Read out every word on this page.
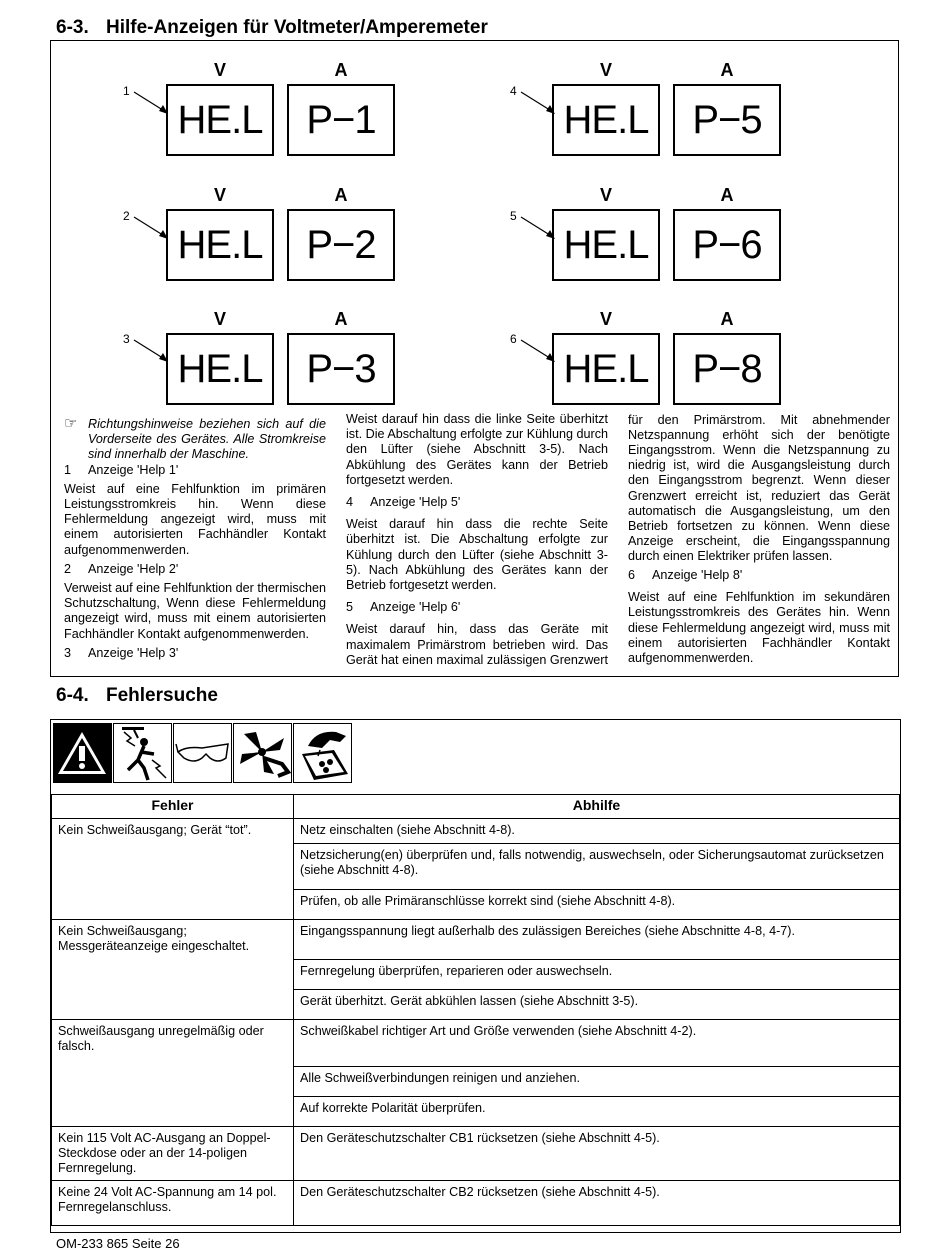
6-3. Hilfe-Anzeigen für Voltmeter/Amperemeter
1
V	A
HE.L	P−1
2
V	A
HE.L	P−2
3
V	A
HE.L	P−3
4
V	A
HE.L	P−5
5
V	A
HE.L	P−6
6
V	A
HE.L	P−8

☞ Richtungshinweise beziehen sich auf die Vorderseite des Gerätes. Alle Stromkreise sind innerhalb der Maschine.

1 Anzeige 'Help 1'

Weist auf eine Fehlfunktion im primären Leistungsstromkreis hin. Wenn diese Fehlermeldung angezeigt wird, muss mit einem autorisierten Fachhändler Kontakt aufgenommenwerden.

2 Anzeige 'Help 2'

Verweist auf eine Fehlfunktion der thermischen Schutzschaltung, Wenn diese Fehlermeldung angezeigt wird, muss mit einem autorisierten Fachhändler Kontakt aufgenommenwerden.

3 Anzeige 'Help 3'

Weist darauf hin dass die linke Seite überhitzt ist. Die Abschaltung erfolgte zur Kühlung durch den Lüfter (siehe Abschnitt 3-5). Nach Abkühlung des Gerätes kann der Betrieb fortgesetzt werden.

4 Anzeige 'Help 5'

Weist darauf hin dass die rechte Seite überhitzt ist. Die Abschaltung erfolgte zur Kühlung durch den Lüfter (siehe Abschnitt 3-5). Nach Abkühlung des Gerätes kann der Betrieb fortgesetzt werden.

5 Anzeige 'Help 6'

Weist darauf hin, dass das Geräte mit maximalem Primärstrom betrieben wird. Das Gerät hat einen maximal zulässigen Grenzwert

für den Primärstrom. Mit abnehmender Netzspannung erhöht sich der benötigte Eingangsstrom. Wenn die Netzspannung zu niedrig ist, wird die Ausgangsleistung durch den Eingangsstrom begrenzt. Wenn dieser Grenzwert erreicht ist, reduziert das Gerät automatisch die Ausgangsleistung, um den Betrieb fortsetzen zu können. Wenn diese Anzeige erscheint, die Eingangsspannung durch einen Elektriker prüfen lassen.

6 Anzeige 'Help 8'

Weist auf eine Fehlfunktion im sekundären Leistungsstromkreis des Gerätes hin. Wenn diese Fehlermeldung angezeigt wird, muss mit einem autorisierten Fachhändler Kontakt aufgenommenwerden.

6-4. Fehlersuche
Fehler	Abhilfe
Kein Schweißausgang; Gerät “tot”.	Netz einschalten (siehe Abschnitt 4-8).
	Netzsicherung(en) überprüfen und, falls notwendig, auswechseln, oder Sicherungsautomat zurücksetzen (siehe Abschnitt 4-8).
	Prüfen, ob alle Primäranschlüsse korrekt sind (siehe Abschnitt 4-8).
Kein Schweißausgang; Messgeräteanzeige eingeschaltet.	Eingangsspannung liegt außerhalb des zulässigen Bereiches (siehe Abschnitte 4-8, 4-7).
	Fernregelung überprüfen, reparieren oder auswechseln.
	Gerät überhitzt. Gerät abkühlen lassen (siehe Abschnitt 3-5).
Schweißausgang unregelmäßig oder falsch.	Schweißkabel richtiger Art und Größe verwenden (siehe Abschnitt 4-2).
	Alle Schweißverbindungen reinigen und anziehen.
	Auf korrekte Polarität überprüfen.
Kein 115 Volt AC-Ausgang an Doppel-Steckdose oder an der 14-poligen Fernregelung.	Den Geräteschutzschalter CB1 rücksetzen (siehe Abschnitt 4-5).
Keine 24 Volt AC-Spannung am 14 pol. Fernregelanschluss.	Den Geräteschutzschalter CB2 rücksetzen (siehe Abschnitt 4-5).
OM-233 865 Seite 26
